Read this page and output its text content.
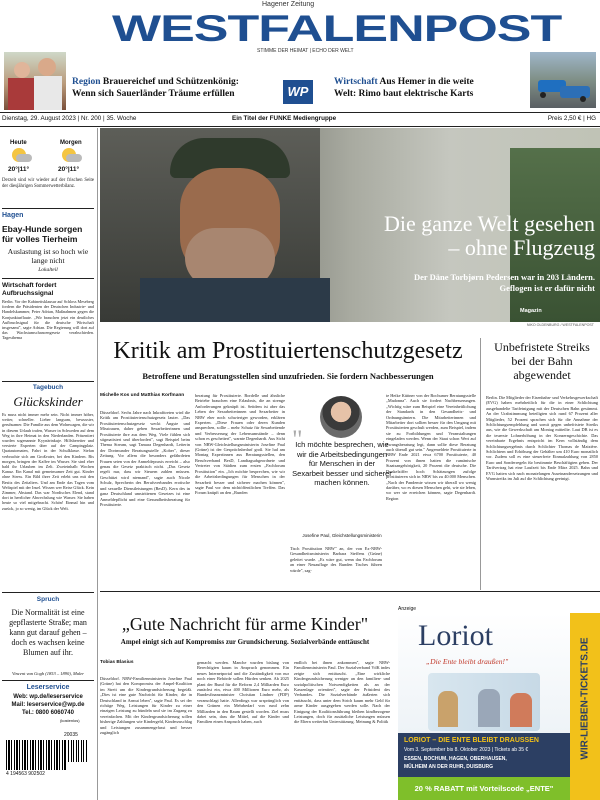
Hagener Zeitung
WESTFALENPOST
STIMME DER HEIMAT | ECHO DER WELT
Region Brauereichef und Schützenkönig:
Wenn sich Sauerländer Träume erfüllen	WP
Wirtschaft Aus Hemer in die weite
Welt: Rimo baut elektrische Karts
Dienstag, 29. August 2023 | Nr. 200 | 35. Woche	Ein Titel der FUNKE Mediengruppe	Preis 2,50 € | HG
Heute	Morgen
20°|11°	20°|11°
Derzeit sind wir wieder auf der frischen Seite der diesjährigen Sommerwetterbilanz.
Hagen
Ebay-Hunde sorgen für volles Tierheim
Auslastung ist so hoch wie lange nicht
Lokalteil
Wirtschaft fordert Aufbruchssignal
Berlin. Vor der Kabinettsklausur auf Schloss Meseberg fordern die Präsidenten der Deutschen Industrie- und Handelskammer, Peter Adrian, Maßnahmen gegen die Konjunkturflaute. „Wir brauchen jetzt ein deutliches Aufbruchsignal für die deutsche Wirtschaft insgesamt", sagte Adrian. Die Regierung will dort auf das Wachstumschancengesetz verabschieden. Tagesthema
Tagebuch
Glückskinder
Es muss nicht immer mehr sein. Nicht immer höher, weiter, schneller. Lieber langsam, bewusster, geruhsamer. Die Familie aus dem Wohnwagen, die wir in diesem Urlaub trafen, Wasser in Schweden auf dem Weg in ihre Heimat in den Niederlanden. Präsentiert wurden sogenannte Kyynärinkuje. Hilfsbereiter und versierte Experten über auf der Campingplatz. Quatautomaten, Fahrt in der Schulklasse. Stefan verbrachte sich am Großvater, bei den Kindern. Bis morgen, bringen der Kaffee im Wasser. Sie sind eher bald ihr Urlauben im Zelt. Zweieinhalb Wochen Kanuz. Ein Kanal mit gemeinsamer Zeit gut. Kinder ohne Stress. Ein Bild ihrer Zeit erlebt uns mit den Besitz des Zeitalters. Und am Ende das Tagen vom Weltspiel mit der Insel. Wissen wer Reise Glück. Kein Zimmer, Abstand. Das war Nordisches Elend, stand dort in herrlicher Abwechslung wie Wasser. Sie haben heute so viel mitgebracht. Schön! Einmal hin und zurück, jo so wenig, im Glück der Welt.
Spruch
Die Normalität ist eine gepflasterte Straße; man kann gut darauf gehen – doch es wachsen keine Blumen auf ihr.
Vincent van Gogh (1853 – 1890), Maler
Leserservice
Web: wp.de/leserservice
Mail: leserservice@wp.de
Tel.: 0800 6060740
(kostenlos)
20035
4 194563 902502
Die ganze Welt gesehen
– ohne Flugzeug
Der Däne Torbjørn Pedersen war in 203 Ländern.
Geflogen ist er dafür nicht
Magazin
NIKO OLDENBURG / WESTFALENPOST
Kritik am Prostituiertenschutzgesetz
Betroffene und Beratungsstellen sind unzufrieden. Sie fordern Nachbesserungen
Michelle Kos und Matthias Korfmann
Düsseldorf. Sechs Jahre nach Inkrafttreten wird die Kritik am Prostituiertenschutzgesetz lauter. „Das Prostituiertenschutzgesetz weckt Ängste und Misstrauen, daher geben Sexarbeiterinnen und Prostituierte ihre aus dem Weg. Viele fühlen sich stigmatisiert und überfordert", sagt Beispiel beim Thema Stream, sagt Tamara Degenhardt, Leiterin der Dortmunder Beratungsstelle „Kober", dieser Zeitung. Vor allem die besonders gefährdeten Frauen seien von der Anmeldepraxis erreicht – also genau die Gesetz praktisch nicht. „Das Gesetz regelt nur, dass wir Steuern zahlen müssen. Geschützt wird niemand", sagte auch Nicole Schulz, Sprecherin des Berufsverbandes erotische und sexuelle Dienstleistungen (BesD). Kern des in ganz Deutschland umstrittenen Gesetzes ist eine Anmeldepflicht und eine Gesundheitsberatung für Prostituierte.
beratung für Prostituierte. Bordelle und ähnliche Betriebe brauchen eine Erlaubnis, die an strenge Anforderungen geknüpft ist. Seitdem ist aber das Leben der Sexarbeiterinnen und Sexarbeiter in NRW eher noch schwieriger geworden, erklären Experten. „Diese Frauen oder deren Kunden ansprechen, sollte – mehr Schutz für Sexarbeitende und Verbesserung der Lebensumstände – denn schon es gescheitert", warnte Degenhardt. Aus Sicht von NRW-Gleichstellungsministerin Josefine Paul (Grüne) ist der Gesprächsbedarf groß. Sie lud am Montag Expertinnen aus Beratungsstellen, den Berufsverband BesD, Landtagsabgeordnete und Vertreter von Städten zum ersten „Fachforum Prostitution" ein. „Ich möchte besprechen, wie wir die Arbeitsbedingungen für Menschen in der Sexarbeit besser und sicherer machen können", sagte Paul vor dem nichtöffentlichen Treffen. Das Forum knüpft an den „Runden
Ich möchte besprechen, wie wir die Arbeitsbedingungen für Menschen in der Sexarbeit besser und sicherer machen können.
"
Josefine Paul, Gleichstellungsministerin
Tisch Prostitution NRW" an, der von Ex-NRW-Gesundheitsministerin Barbara Steffens (Grüne) geleitet wurde. „Es wäre gut, wenn das Fachforum an einer Neuauflage des Runden Tisches führen würde", sag-
te Heike Küttner von der Bochumer Beratungsstelle „Madonna". Auch sie fordert Nachbesserungen. „Wichtig wäre zum Beispiel eine Vereinheitlichung der Standards in den Gesundheits- und Ordnungsämtern. Die Mitarbeiterinnen und Mitarbeiter dort sollten besser für den Umgang mit Prostituierten geschult werden, zum Beispiel, indem sie zu Fortbildungen und Veranstaltungen eingeladen werden. Wenn der Staat schon Wert auf Zwangsberatung legt, dann sollte diese Beratung auch überall gut sein." Angemeldete Prostituierte in NRW Ende 2021 etwa 6700 Prostituierte, 40 Prozent von ihnen hatten die rumänische Staatsangehörigkeit, 20 Prozent die deutsche. Die Dunkelziffer hoch Schätzungen zufolge prostituieren sich in NRW bis zu 40.000 Menschen. „Nach der Pandemie wissen wir überall wo wenig darüber, wo es diesen Menschen geht, wie sie leben, wo wer sie erreichen können, sagte Degenhardt. Region
Unbefristete Streiks bei der Bahn abgewendet
Berlin. Die Mitglieder der Eisenbahn- und Verkehrsgewerkschaft (EVG) haben mehrheitlich für die in einer Schlichtung ausgehandelte Tarifeinigung mit der Deutschen Bahn gestimmt. An der Urabstimmung beteiligten sich rund 67 Prozent aller Mitglieder, 52 Prozent sprachen sich für die Annahme der Schlichtungsempfehlung und somit gegen unbefristete Streiks aus, wie die Gewerkschaft am Montag mitteilte. Laut DB ist es die teuerste Lohnerhöhung in der Konzerngeschichte. Das vereinbarte Ergebnis entspricht im Kern vollständig dem Schlichtungsergebnis durch Schlichter Thomas de Maizière. Schlichtern und Erhöhung der Gehälter um 410 Euro monatlich vor. Zudem soll es eine steuerfreie Einmalzahlung von 2850 Euro und Sonderregeln für bestimmte Beschäftigten geben. Der Tarifvertrag hat eine Laufzeit bis Ende März 2025. Bahn und EVG hatten sich nach monatelangen Auseinandersetzungen und Warnstreiks im Juli auf die Schlichtung geeinigt.
„Gute Nachricht für arme Kinder"
Ampel einigt sich auf Kompromiss zur Grundsicherung. Sozialverbände enttäuscht
Tobias Blasius
Düsseldorf. NRW-Familienministerin Josefine Paul (Grüne) hat den Kompromiss der Ampel-Koalition im Streit um die Kindergrundsicherung begrüßt. „Dies ist eine gute Nachricht für Kinder, die in Deutschland in Armut leben", sagte Paul. Es sei der richtige Weg, Leistungen für Kinder zu einer einzigen Leistung zu bündeln und sie im Zugang zu vereinfachen. Mit der Kindergrundsicherung sollen bisherige Zahlungen wie Kindergeld, Kinderzuschlag und Leistungen zusammengefasst und besser zugänglich
gemacht werden. Manche wurden bislang von Berechtigten kaum in Anspruch genommen. Ein neues Internetportal und die Zuständigkeit von nur noch einer Behörde sollen Hürden senken. Ab 2025 plant der Bund für die Reform 2,4 Milliarden Euro zunächst ein, etwa 400 Millionen Euro mehr, als Bundesfinanzminister Christian Lindner (FDP) veranschlagt hatte. Allerdings war ursprünglich von den Grünen ein Mehrbedarf von rund zehn Milliarden in den Raum gestellt worden. Ziel muss dabei sein, dass die Mittel, auf die Kinder und Familien einen Anspruch haben, auch
endlich bei ihnen ankommen", sagte NRW-Familienministerin Paul. Der Sozialverband VdK indes zeigte sich enttäuscht. „Eine wirkliche Kindergrundsicherung weniger an den familien- und sozialpolitischen Notwendigkeiten als an der Kassenlage orientiert", sagte der Präsident des Verbandes. Die Sozialverbände äußerten sich enttäuscht, dass unter dem Strich kaum mehr Geld für arme Kinder ausgegeben werden solle. Nach der Einigung der Koalitionsführung bleiben kindbezogene Leistungen, doch für zusätzliche Leistungen müssen die Eltern weiterhin Unterstützung. Meinung & Politik
Anzeige
Loriot
„Die Ente bleibt draußen!"	WIR-LIEBEN-TICKETS.DE
LORIOT – DIE ENTE BLEIBT DRAUSSEN
Vom 3. September bis 8. Oktober 2023 | Tickets ab 35 €
ESSEN, BOCHUM, HAGEN, OBERHAUSEN,
MÜLHEIM AN DER RUHR, DUISBURG
20 % RABATT mit Vorteilscode „ENTE"
